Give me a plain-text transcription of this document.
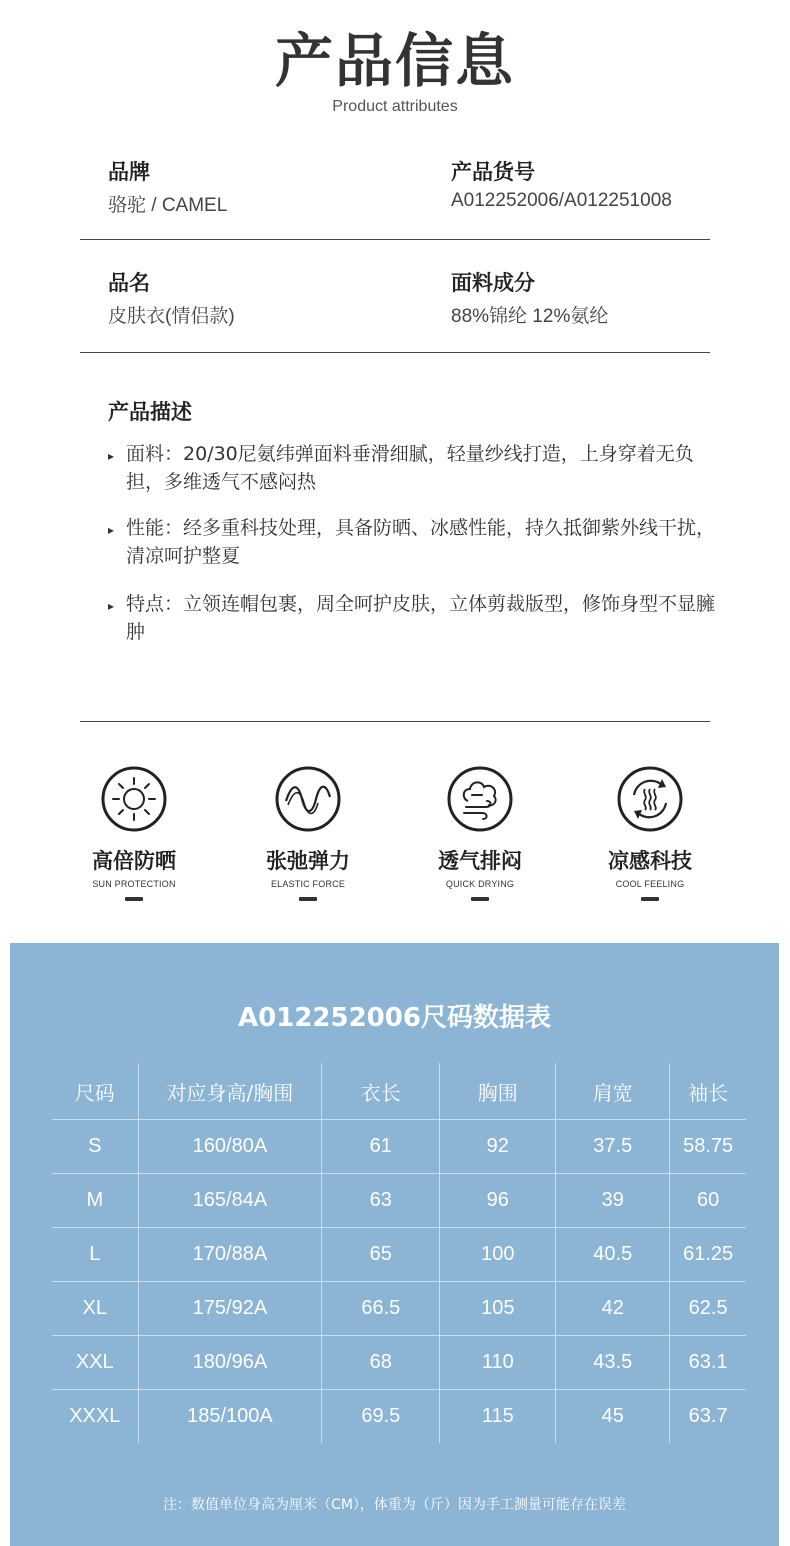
产品信息
Product attributes
品牌
骆驼 / CAMEL
产品货号
A012252006/A012251008
品名
皮肤衣(情侣款)
面料成分
88%锦纶 12%氨纶
产品描述
▸ 面料：20/30尼氨纬弹面料垂滑细腻，轻量纱线打造，上身穿着无负担，多维透气不感闷热
▸ 性能：经多重科技处理，具备防晒、冰感性能，持久抵御紫外线干扰，清凉呵护整夏
▸ 特点：立领连帽包裹，周全呵护皮肤，立体剪裁版型，修饰身型不显臃肿
高倍防晒
SUN PROTECTION
张弛弹力
ELASTIC FORCE
透气排闷
QUICK DRYING
凉感科技
COOL FEELING
A012252006尺码数据表
尺码	对应身高/胸围	衣长	胸围	肩宽	袖长
S	160/80A	61	92	37.5	58.75
M	165/84A	63	96	39	60
L	170/88A	65	100	40.5	61.25
XL	175/92A	66.5	105	42	62.5
XXL	180/96A	68	110	43.5	63.1
XXXL	185/100A	69.5	115	45	63.7
注：数值单位身高为厘米（CM），体重为（斤）因为手工测量可能存在误差
